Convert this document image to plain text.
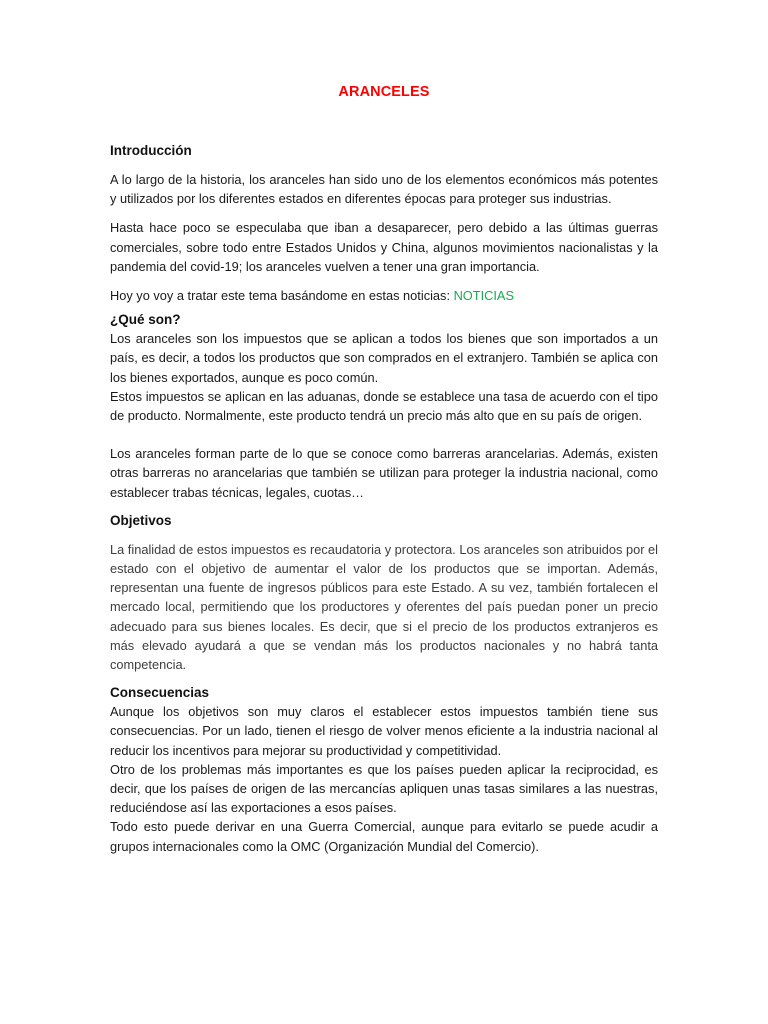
ARANCELES
Introducción

A lo largo de la historia, los aranceles han sido uno de los elementos económicos más potentes y utilizados por los diferentes estados en diferentes épocas para proteger sus industrias.

Hasta hace poco se especulaba que iban a desaparecer, pero debido a las últimas guerras comerciales, sobre todo entre Estados Unidos y China, algunos movimientos nacionalistas y la pandemia del covid-19; los aranceles vuelven a tener una gran importancia.

Hoy yo voy a tratar este tema basándome en estas noticias: NOTICIAS

¿Qué son?

Los aranceles son los impuestos que se aplican a todos los bienes que son importados a un país, es decir, a todos los productos que son comprados en el extranjero. También se aplica con los bienes exportados, aunque es poco común.

Estos impuestos se aplican en las aduanas, donde se establece una tasa de acuerdo con el tipo de producto. Normalmente, este producto tendrá un precio más alto que en su país de origen.

Los aranceles forman parte de lo que se conoce como barreras arancelarias. Además, existen otras barreras no arancelarias que también se utilizan para proteger la industria nacional, como establecer trabas técnicas, legales, cuotas…

Objetivos

La finalidad de estos impuestos es recaudatoria y protectora. Los aranceles son atribuidos por el estado con el objetivo de aumentar el valor de los productos que se importan. Además, representan una fuente de ingresos públicos para este Estado. A su vez, también fortalecen el mercado local, permitiendo que los productores y oferentes del país puedan poner un precio adecuado para sus bienes locales. Es decir, que si el precio de los productos extranjeros es más elevado ayudará a que se vendan más los productos nacionales y no habrá tanta competencia.

Consecuencias

Aunque los objetivos son muy claros el establecer estos impuestos también tiene sus consecuencias. Por un lado, tienen el riesgo de volver menos eficiente a la industria nacional al reducir los incentivos para mejorar su productividad y competitividad.

Otro de los problemas más importantes es que los países pueden aplicar la reciprocidad, es decir, que los países de origen de las mercancías apliquen unas tasas similares a las nuestras, reduciéndose así las exportaciones a esos países.

Todo esto puede derivar en una Guerra Comercial, aunque para evitarlo se puede acudir a grupos internacionales como la OMC (Organización Mundial del Comercio).
